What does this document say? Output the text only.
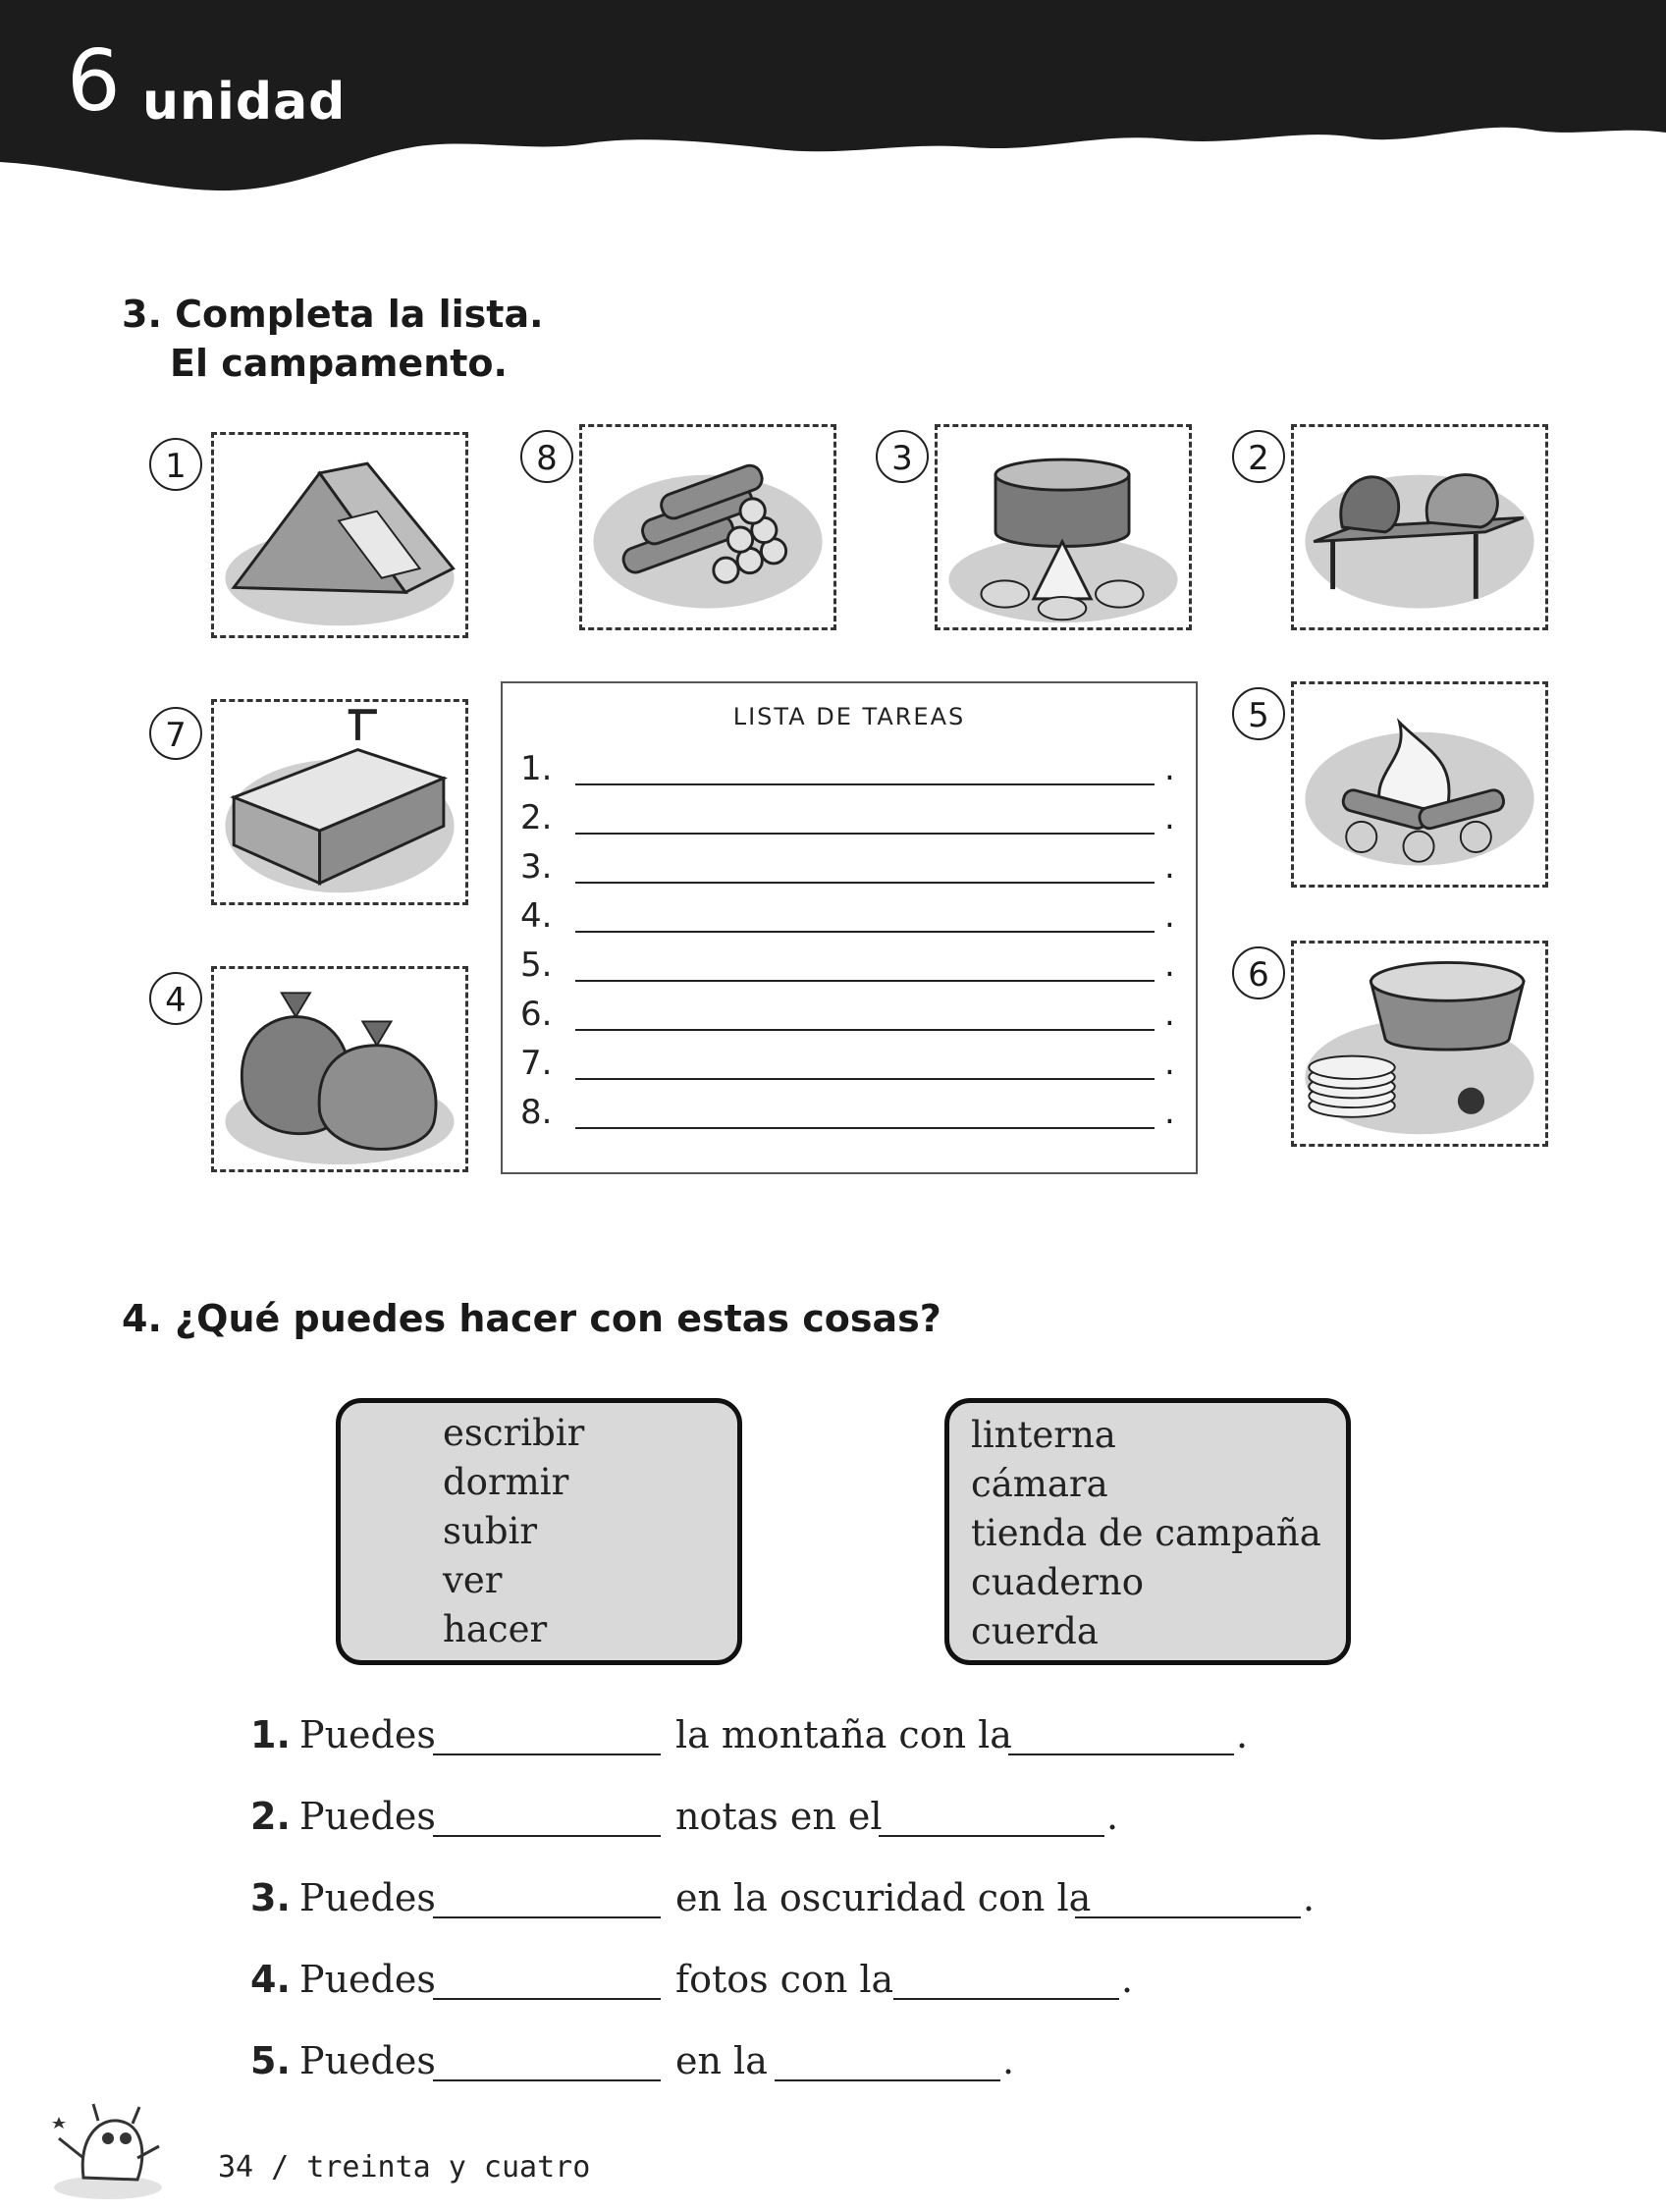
6 unidad
3. Completa la lista.
El campamento.
1	8	3	2
7	5
4
6
LISTA DE TAREAS
1.	.
2.	.
3.	.
4.	.
5.	.
6.	.
7.	.
8.	.
4. ¿Qué puedes hacer con estas cosas?
escribir
dormir
subir
ver
hacer
linterna
cámara
tienda de campaña
cuaderno
cuerda
1. Puedes	la montaña con la	.
2. Puedes	notas en el	.
3. Puedes	en la oscuridad con la	.
4. Puedes	fotos con la	.
5. Puedes	en la	.
34 / treinta y cuatro
